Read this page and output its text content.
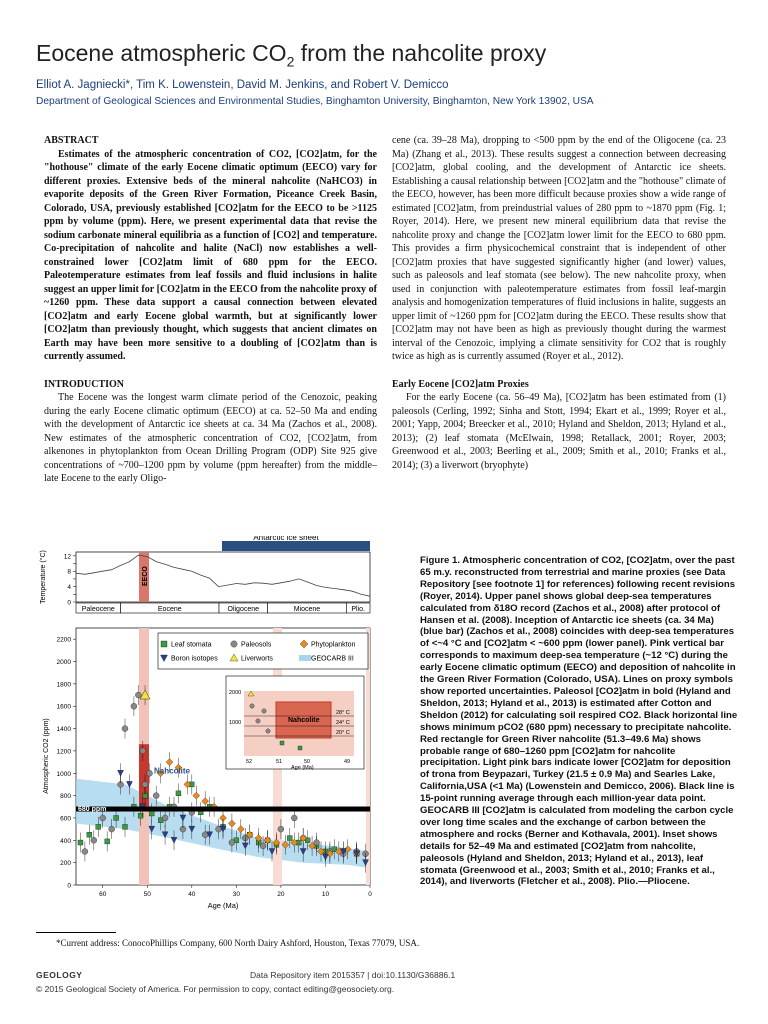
Eocene atmospheric $CO_2$ from the nahcolite proxy
Elliot A. Jagniecki*, Tim K. Lowenstein, David M. Jenkins, and Robert V. Demicco
Department of Geological Sciences and Environmental Studies, Binghamton University, Binghamton, New York 13902, USA

ABSTRACT

Estimates of the atmospheric concentration of CO2, [CO2]atm, for the "hothouse" climate of the early Eocene climatic optimum (EECO) vary for different proxies. Extensive beds of the mineral nahcolite (NaHCO3) in evaporite deposits of the Green River Formation, Piceance Creek Basin, Colorado, USA, previously established [CO2]atm for the EECO to be >1125 ppm by volume (ppm). Here, we present experimental data that revise the sodium carbonate mineral equilibria as a function of [CO2] and temperature. Co-precipitation of nahcolite and halite (NaCl) now establishes a well-constrained lower [CO2]atm limit of 680 ppm for the EECO. Paleotemperature estimates from leaf fossils and fluid inclusions in halite suggest an upper limit for [CO2]atm in the EECO from the nahcolite proxy of ~1260 ppm. These data support a causal connection between elevated [CO2]atm and early Eocene global warmth, but at significantly lower [CO2]atm than previously thought, which suggests that ancient climates on Earth may have been more sensitive to a doubling of [CO2]atm than is currently assumed.

INTRODUCTION

The Eocene was the longest warm climate period of the Cenozoic, peaking during the early Eocene climatic optimum (EECO) at ca. 52–50 Ma and ending with the development of Antarctic ice sheets at ca. 34 Ma (Zachos et al., 2008). New estimates of the atmospheric concentration of CO2, [CO2]atm, from alkenones in phytoplankton from Ocean Drilling Program (ODP) Site 925 give concentrations of ~700–1200 ppm by volume (ppm hereafter) from the middle–late Eocene to the early Oligo-

cene (ca. 39–28 Ma), dropping to <500 ppm by the end of the Oligocene (ca. 23 Ma) (Zhang et al., 2013). These results suggest a connection between decreasing [CO2]atm, global cooling, and the development of Antarctic ice sheets. Establishing a causal relationship between [CO2]atm and the "hothouse" climate of the EECO, however, has been more difficult because proxies show a wide range of estimated [CO2]atm, from preindustrial values of 280 ppm to ~1870 ppm (Fig. 1; Royer, 2014). Here, we present new mineral equilibrium data that revise the nahcolite proxy and change the [CO2]atm lower limit for the EECO to 680 ppm. This provides a firm physicochemical constraint that is independent of other [CO2]atm proxies that have suggested significantly higher (and lower) values, such as paleosols and leaf stomata (see below). The new nahcolite proxy, when used in conjunction with paleotemperature estimates from fossil leaf-margin analysis and homogenization temperatures of fluid inclusions in halite, suggests an upper limit of ~1260 ppm for [CO2]atm during the EECO. These results show that [CO2]atm may not have been as high as previously thought during the warmest interval of the Cenozoic, implying a climate sensitivity for CO2 that is roughly twice as high as is currently assumed (Royer et al., 2012).

Early Eocene [CO2]atm Proxies

For the early Eocene (ca. 56–49 Ma), [CO2]atm has been estimated from (1) paleosols (Cerling, 1992; Sinha and Stott, 1994; Ekart et al., 1999; Royer et al., 2001; Yapp, 2004; Breecker et al., 2010; Hyland and Sheldon, 2013; Hyland et al., 2013); (2) leaf stomata (McElwain, 1998; Retallack, 2001; Royer, 2003; Greenwood et al., 2003; Beerling et al., 2009; Smith et al., 2010; Franks et al., 2014); (3) a liverwort (bryophyte)

Antarctic ice sheet
EECO
0
4
8
12
Temperature (°C)
Paleocene	Eocene	Oligocene	Miocene	Plio.
680 ppm
Nahcolite
Trona
0
200
400
600
800
1000
1200
1400
1600
1800
2000
2200
60	50	40	30	20	10	0
Atmospheric CO2 (ppm)
Age (Ma)
Leaf stomata	Paleosols	Phytoplankton
Boron isotopes	Liverworts	GEOCARB III
Nahcolite
28° C
24° C
20° C
2000
1000
52	51	50	49
Age (Ma)
Figure 1. Atmospheric concentration of CO2, [CO2]atm, over the past 65 m.y. reconstructed from terrestrial and marine proxies (see Data Repository [see footnote 1] for references) following recent revisions (Royer, 2014). Upper panel shows global deep-sea temperatures calculated from δ18O record (Zachos et al., 2008) after protocol of Hansen et al. (2008). Inception of Antarctic ice sheets (ca. 34 Ma) (blue bar) (Zachos et al., 2008) coincides with deep-sea temperatures of <~4 °C and [CO2]atm < ~600 ppm (lower panel). Pink vertical bar corresponds to maximum deep-sea temperature (~12 °C) during the early Eocene climatic optimum (EECO) and deposition of nahcolite in the Green River Formation (Colorado, USA). Lines on proxy symbols show reported uncertainties. Paleosol [CO2]atm in bold (Hyland and Sheldon, 2013; Hyland et al., 2013) is estimated after Cotton and Sheldon (2012) for calculating soil respired CO2. Black horizontal line shows minimum pCO2 (680 ppm) necessary to precipitate nahcolite. Red rectangle for Green River nahcolite (51.3–49.6 Ma) shows probable range of 680–1260 ppm [CO2]atm for nahcolite precipitation. Light pink bars indicate lower [CO2]atm for deposition of trona from Beypazari, Turkey (21.5 ± 0.9 Ma) and Searles Lake, California,USA (<1 Ma) (Lowenstein and Demicco, 2006). Black line is 15-point running average through each million-year data point. GEOCARB III [CO2]atm is calculated from modeling the carbon cycle over long time scales and the exchange of carbon between the atmosphere and rocks (Berner and Kothavala, 2001). Inset shows details for 52–49 Ma and estimated [CO2]atm from nahcolite, paleosols (Hyland and Sheldon, 2013; Hyland et al., 2013), leaf stomata (Greenwood et al., 2003; Smith et al., 2010; Franks et al., 2014), and liverworts (Fletcher et al., 2008). Plio.—Pliocene.
*Current address: ConocoPhillips Company, 600 North Dairy Ashford, Houston, Texas 77079, USA.
GEOLOGY	Data Repository item 2015357 | doi:10.1130/G36886.1
© 2015 Geological Society of America. For permission to copy, contact editing@geosociety.org.
